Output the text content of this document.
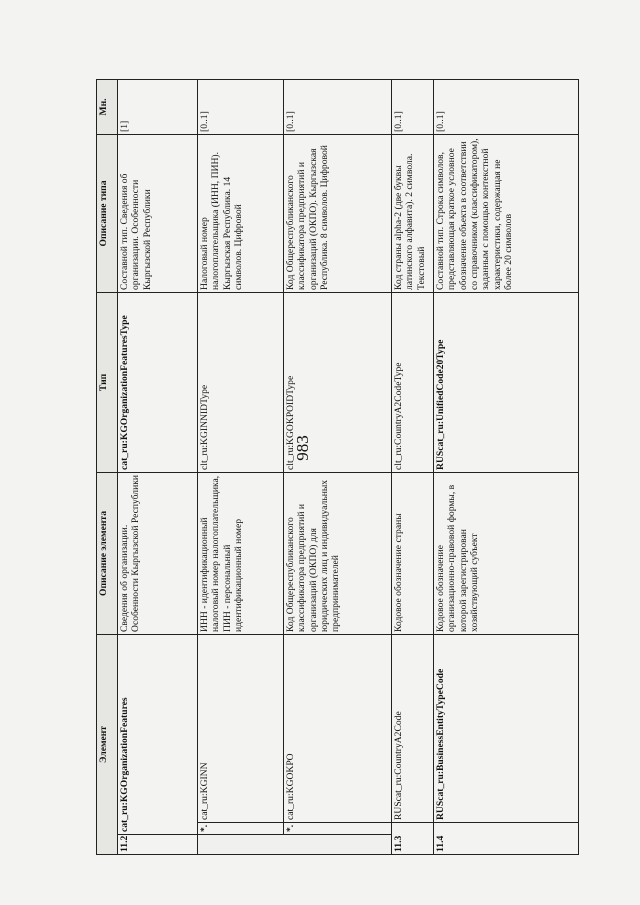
983
Элемент			Описание элемента	Тип	Описание типа	Мн.
11.2	cat_ru:KGOrganizationFeatures		Сведения об организации. Особенности Кыргызской Республики	cat_ru:KGOrganizationFeaturesType	Составной тип. Сведения об организации. Особенности Кыргызской Республики	[1]
	*.	cat_ru:KGINN	ИНН - идентификационный налоговый номер налогоплательщика, ПИН - персональный идентификационный номер	clt_ru:KGINNIDType	Налоговый номер налогоплательщика (ИНН, ПИН). Кыргызская Республика. 14 символов. Цифровой	[0..1]
	*.	cat_ru:KGOKPO	Код Общереспубликанского классификатора предприятий и организаций (ОКПО) для юридических лиц и индивидуальных предпринимателей	clt_ru:KGOKPOIDType	Код Общереспубликанского классификатора предприятий и организаций (ОКПО). Кыргызская Республика. 8 символов. Цифровой	[0..1]
11.3		RUScat_ru:CountryA2Code	Кодовое обозначение страны	clt_ru:CountryA2CodeType	Код страны alpha-2 (две буквы латинского алфавита). 2 символа. Текстовый	[0..1]
11.4		RUScat_ru:BusinessEntityTypeCode	Кодовое обозначение организационно-правовой формы, в которой зарегистрирован хозяйствующий субъект	RUScat_ru:UnifiedCode20Type	Составной тип. Строка символов, представляющая краткое условное обозначение объекта в соответствии со справочником (классификатором), заданным с помощью контекстной характеристики, содержащая не более 20 символов	[0..1]
